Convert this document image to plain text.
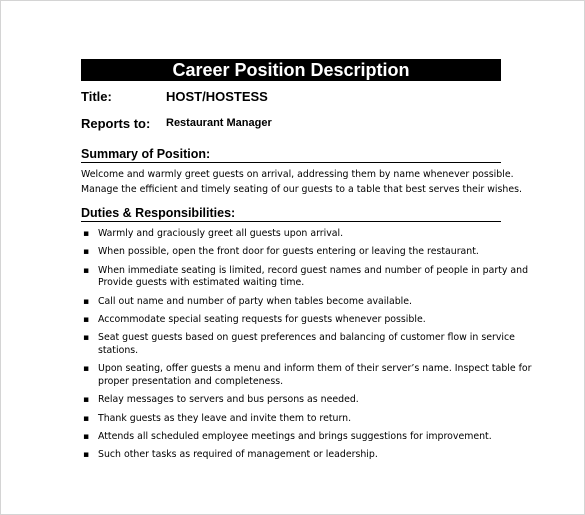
Career Position Description
Title:	HOST/HOSTESS
Reports to: Restaurant Manager
Summary of Position:
Welcome and warmly greet guests on arrival, addressing them by name whenever possible.
Manage the efficient and timely seating of our guests to a table that best serves their wishes.
Duties & Responsibilities:
▪ Warmly and graciously greet all guests upon arrival.
▪ When possible, open the front door for guests entering or leaving the restaurant.
▪ When immediate seating is limited, record guest names and number of people in party and
Provide guests with estimated waiting time.
▪ Call out name and number of party when tables become available.
▪ Accommodate special seating requests for guests whenever possible.
▪ Seat guest guests based on guest preferences and balancing of customer flow in service
stations.
▪ Upon seating, offer guests a menu and inform them of their server’s name. Inspect table for
proper presentation and completeness.
▪ Relay messages to servers and bus persons as needed.
▪ Thank guests as they leave and invite them to return.
▪ Attends all scheduled employee meetings and brings suggestions for improvement.
▪ Such other tasks as required of management or leadership.
